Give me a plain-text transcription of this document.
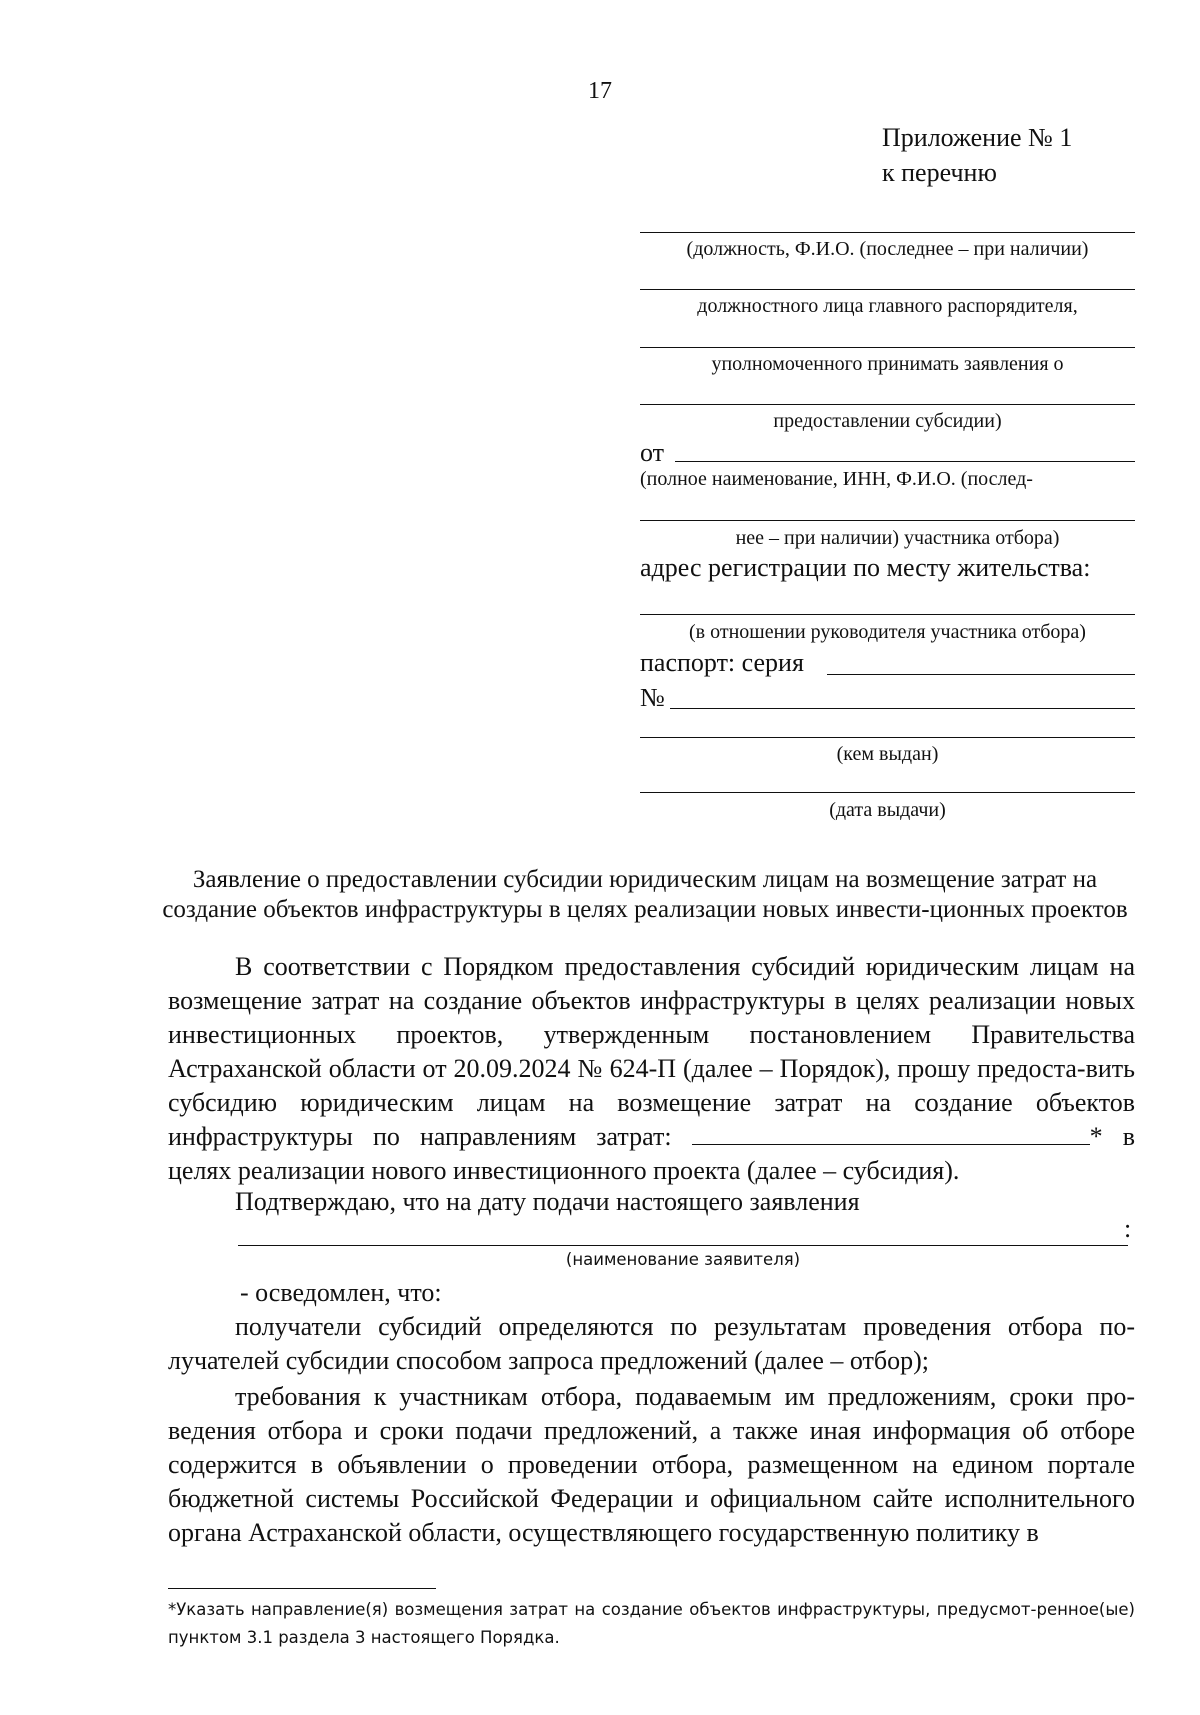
17
Приложение № 1
к перечню
(должность, Ф.И.О. (последнее – при наличии)
должностного лица главного распорядителя,
уполномоченного принимать заявления о
предоставлении субсидии)
от
(полное наименование, ИНН, Ф.И.О. (послед-
нее – при наличии) участника отбора)
адрес регистрации по месту жительства:
(в отношении руководителя участника отбора)
паспорт: серия
№
(кем выдан)
(дата выдачи)
Заявление о предоставлении субсидии юридическим лицам на возмещение затрат на создание объектов инфраструктуры в целях реализации новых инвести-ционных проектов
В соответствии с Порядком предоставления субсидий юридическим лицам на возмещение затрат на создание объектов инфраструктуры в целях реализации новых инвестиционных проектов, утвержденным постановлением Правительства Астраханской области от 20.09.2024 № 624-П (далее – Порядок), прошу предоста-вить субсидию юридическим лицам на возмещение затрат на создание объектов инфраструктуры по направлениям затрат:	* в целях реализации нового инвестиционного проекта (далее – субсидия).
Подтверждаю, что на дату подачи настоящего заявления
:
(наименование заявителя)
- осведомлен, что:
получатели субсидий определяются по результатам проведения отбора по-лучателей субсидии способом запроса предложений (далее – отбор);
требования к участникам отбора, подаваемым им предложениям, сроки про-ведения отбора и сроки подачи предложений, а также иная информация об отборе содержится в объявлении о проведении отбора, размещенном на едином портале бюджетной системы Российской Федерации и официальном сайте исполнительного органа Астраханской области, осуществляющего государственную политику в
*Указать направление(я) возмещения затрат на создание объектов инфраструктуры, предусмот-ренное(ые) пунктом 3.1 раздела 3 настоящего Порядка.
